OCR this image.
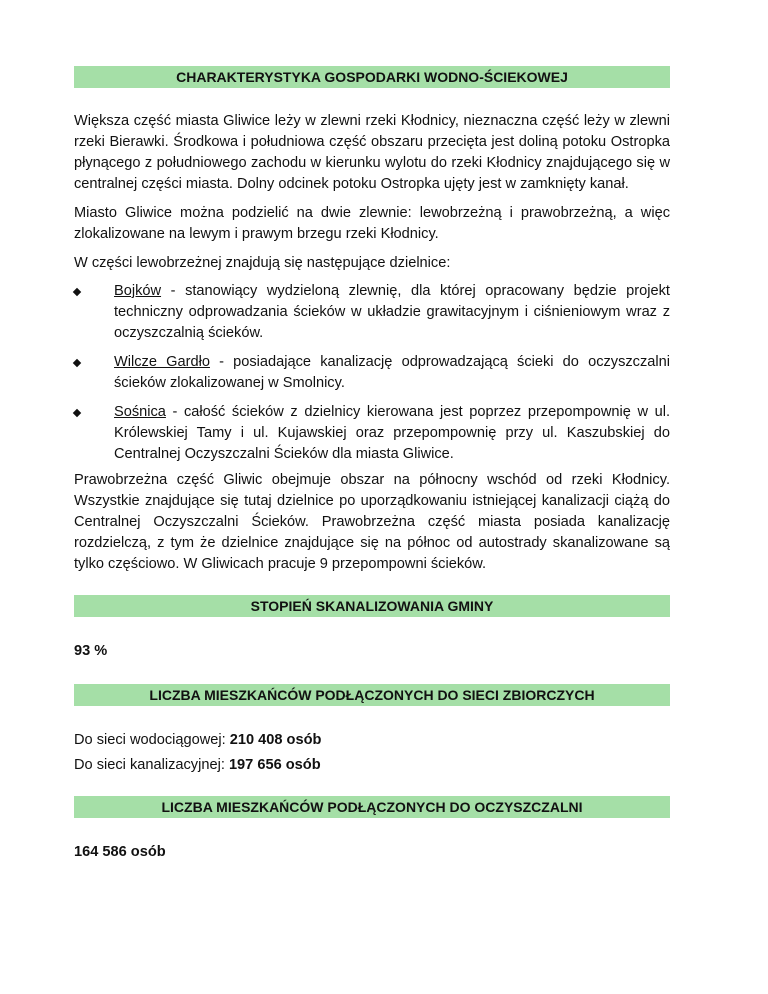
CHARAKTERYSTYKA GOSPODARKI WODNO-ŚCIEKOWEJ

Większa część miasta Gliwice leży w zlewni rzeki Kłodnicy, nieznaczna część leży w zlewni rzeki Bierawki. Środkowa i południowa część obszaru przecięta jest doliną potoku Ostropka płynącego z południowego zachodu w kierunku wylotu do rzeki Kłodnicy znajdującego się w centralnej części miasta. Dolny odcinek potoku Ostropka ujęty jest w zamknięty kanał.

Miasto Gliwice można podzielić na dwie zlewnie: lewobrzeżną i prawobrzeżną, a więc zlokalizowane na lewym i prawym brzegu rzeki Kłodnicy.

W części lewobrzeżnej znajdują się następujące dzielnice:

Bojków - stanowiący wydzieloną zlewnię, dla której opracowany będzie projekt techniczny odprowadzania ścieków w układzie grawitacyjnym i ciśnieniowym wraz z oczyszczalnią ścieków.
Wilcze Gardło - posiadające kanalizację odprowadzającą ścieki do oczyszczalni ścieków zlokalizowanej w Smolnicy.
Sośnica - całość ścieków z dzielnicy kierowana jest poprzez przepompownię w ul. Królewskiej Tamy i ul. Kujawskiej oraz przepompownię przy ul. Kaszubskiej do Centralnej Oczyszczalni Ścieków dla miasta Gliwice.

Prawobrzeżna część Gliwic obejmuje obszar na północny wschód od rzeki Kłodnicy. Wszystkie znajdujące się tutaj dzielnice po uporządkowaniu istniejącej kanalizacji ciążą do Centralnej Oczyszczalni Ścieków. Prawobrzeżna część miasta posiada kanalizację rozdzielczą, z tym że dzielnice znajdujące się na północ od autostrady skanalizowane są tylko częściowo. W Gliwicach pracuje 9 przepompowni ścieków.

STOPIEŃ SKANALIZOWANIA GMINY

93 %

LICZBA MIESZKAŃCÓW PODŁĄCZONYCH DO SIECI ZBIORCZYCH

Do sieci wodociągowej: 210 408 osób

Do sieci kanalizacyjnej: 197 656 osób

LICZBA MIESZKAŃCÓW PODŁĄCZONYCH DO OCZYSZCZALNI

164 586 osób
